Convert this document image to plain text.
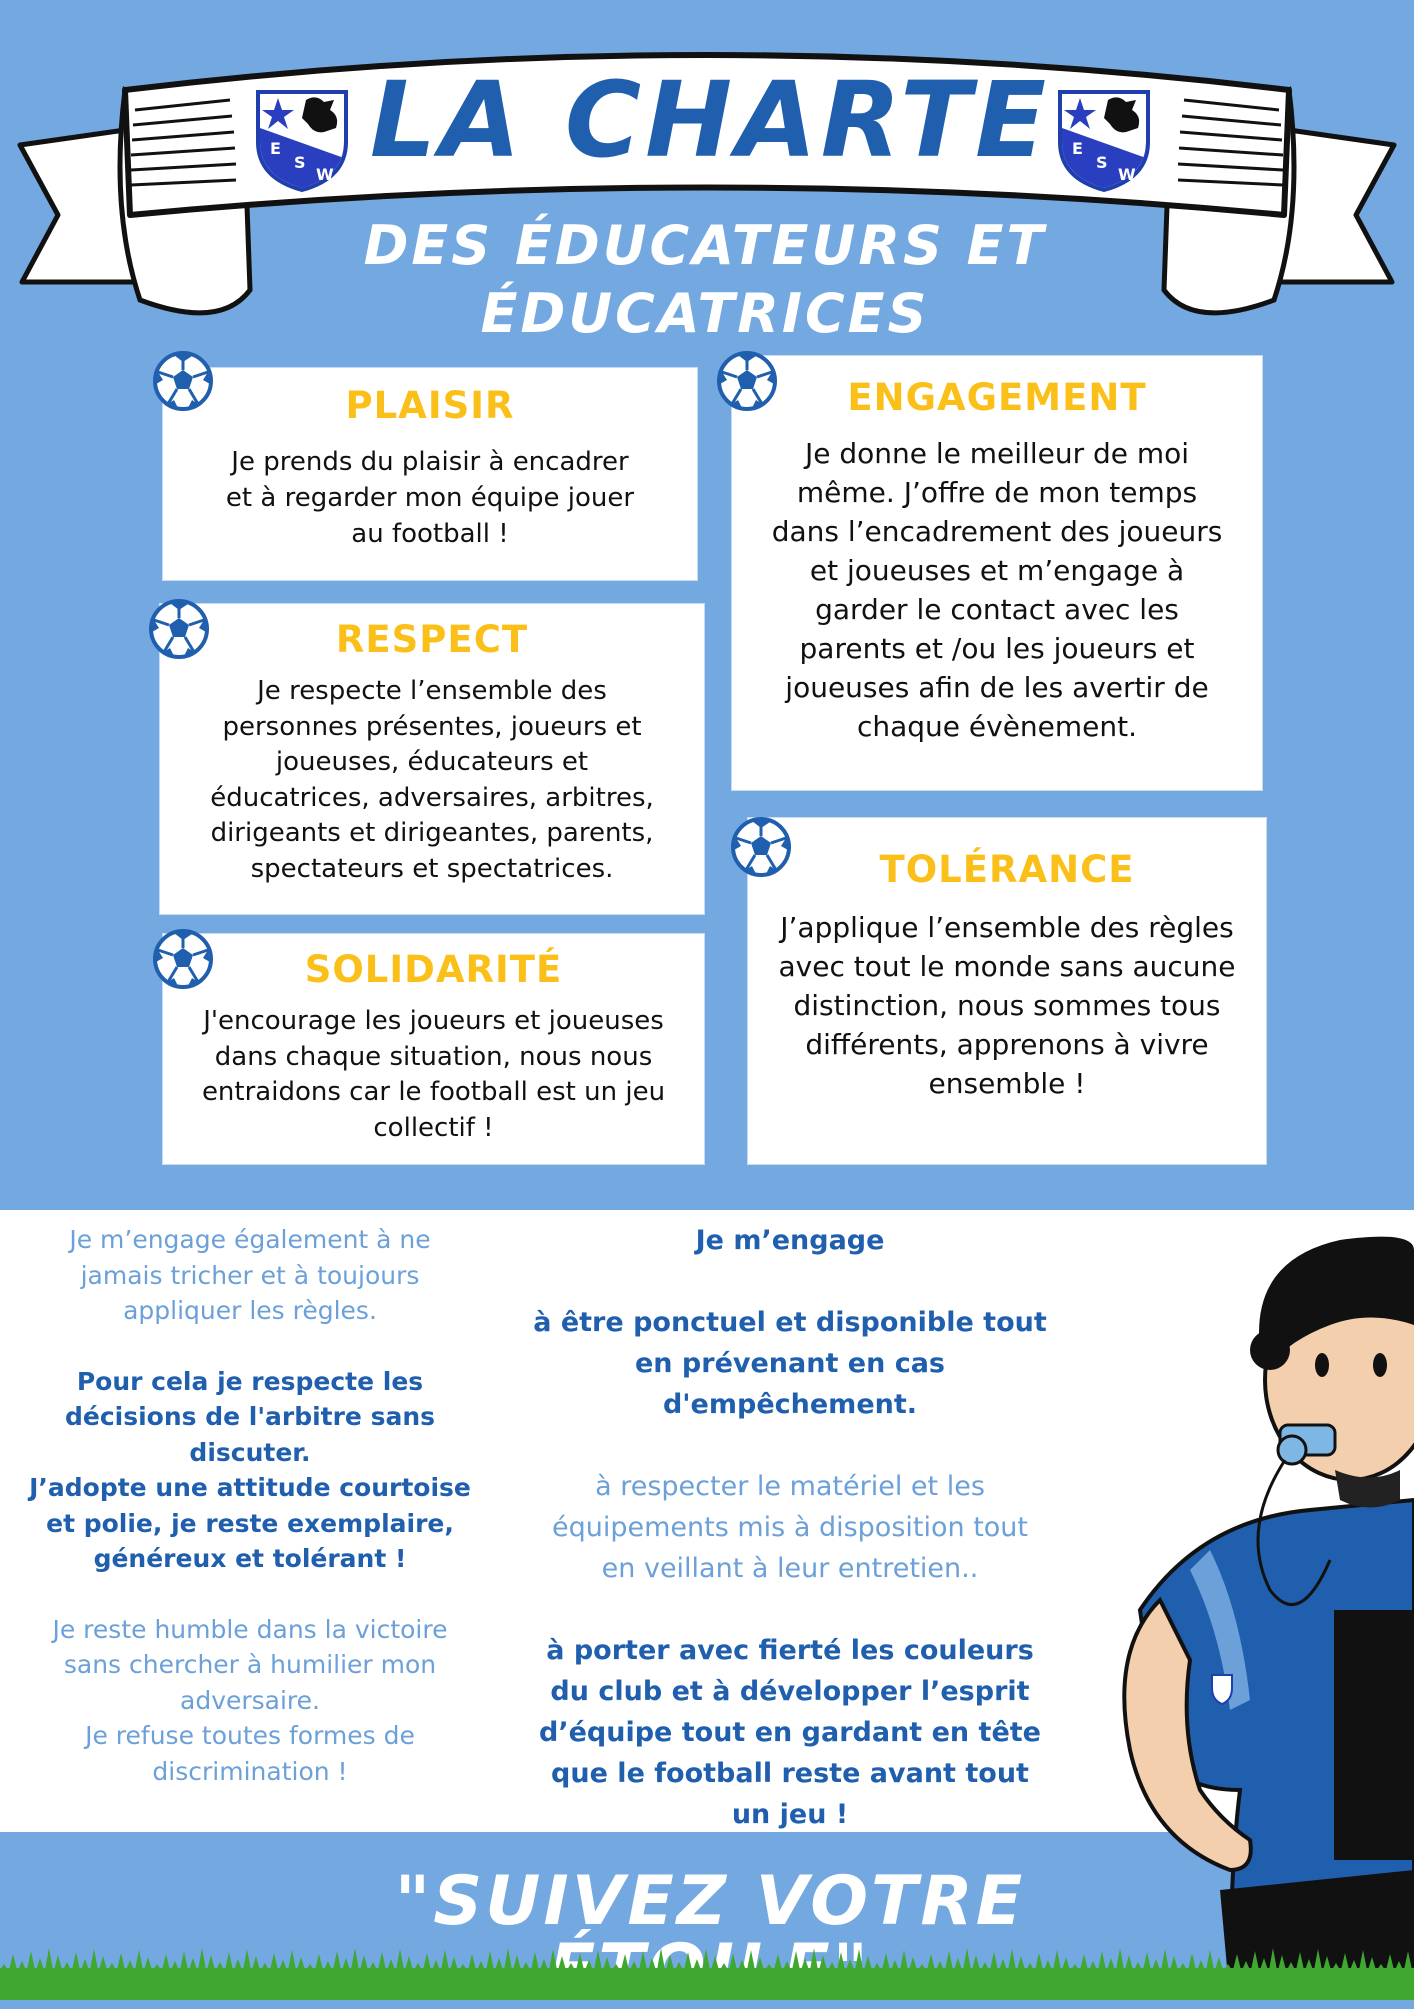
E
S
W
E
S
W
LA CHARTE
DES ÉDUCATEURS ET
ÉDUCATRICES
PLAISIR
Je prends du plaisir à encadrer
et à regarder mon équipe jouer
au football !
RESPECT
Je respecte l’ensemble des
personnes présentes, joueurs et
joueuses, éducateurs et
éducatrices, adversaires, arbitres,
dirigeants et dirigeantes, parents,
spectateurs et spectatrices.
SOLIDARITÉ
J'encourage les joueurs et joueuses
dans chaque situation, nous nous
entraidons car le football est un jeu
collectif !
ENGAGEMENT
Je donne le meilleur de moi
même. J’offre de mon temps
dans l’encadrement des joueurs
et joueuses et m’engage à
garder le contact avec les
parents et /ou les joueurs et
joueuses afin de les avertir de
chaque évènement.
TOLÉRANCE
J’applique l’ensemble des règles
avec tout le monde sans aucune
distinction, nous sommes tous
différents, apprenons à vivre
ensemble !
Je m’engage également à ne
jamais tricher et à toujours
appliquer les règles.
Pour cela je respecte les
décisions de l'arbitre sans
discuter.
J’adopte une attitude courtoise
et polie, je reste exemplaire,
généreux et tolérant !
Je reste humble dans la victoire
sans chercher à humilier mon
adversaire.
Je refuse toutes formes de
discrimination !
Je m’engage
à être ponctuel et disponible tout
en prévenant en cas
d'empêchement.
à respecter le matériel et les
équipements mis à disposition tout
en veillant à leur entretien..
à porter avec fierté les couleurs
du club et à développer l’esprit
d’équipe tout en gardant en tête
que le football reste avant tout
un jeu !
"SUIVEZ VOTRE
